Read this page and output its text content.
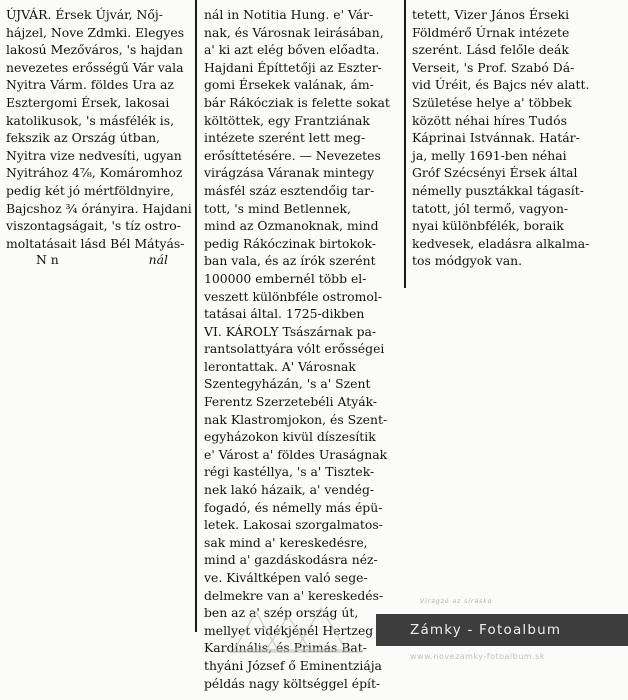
ÚJVÁR. Érsek Újvár, Nőj-
hájzel, Nove Zdmki. Elegyes
lakosú Mezőváros, 's hajdan
nevezetes erősségű Vár vala
Nyitra Várm. földes Ura az
Esztergomi Érsek, lakosai
katolikusok, 's másfélék is,
fekszik az Ország útban,
Nyitra vize nedvesíti, ugyan
Nyitrához 4⅞, Komáromhoz
pedig két jó mértföldnyire,
Bajcshoz ¾ órányira. Hajdani
viszontagságait, 's tíz ostro-
moltatásait lásd Bél Mátyás-
N n	nál
nál in Notitia Hung. e' Vár-
nak, és Városnak leirásában,
a' ki azt elég bőven előadta.
Hajdani Építtetőji az Eszter-
gomi Érsekek valának, ám-
bár Rákócziak is felette sokat
költöttek, egy Frantziának
intézete szerént lett meg-
erősíttetésére. — Nevezetes
virágzása Váranak mintegy
másfél száz esztendőig tar-
tott, 's mind Betlennek,
mind az Ozmanoknak, mind
pedig Rákóczinak birtokok-
ban vala, és az írók szerént
100000 embernél több el-
veszett különbféle ostromol-
tatásai által. 1725-dikben
VI. KÁROLY Tsászárnak pa-
rantsolattyára vólt erősségei
lerontattak. A' Városnak
Szentegyházán, 's a' Szent
Ferentz Szerzetebéli Atyák-
nak Klastromjokon, és Szent-
egyházokon kivül díszesítik
e' Várost a' földes Uraságnak
régi kastéllya, 's a' Tisztek-
nek lakó házaik, a' vendég-
fogadó, és némelly más épü-
letek. Lakosai szorgalmatos-
sak mind a' kereskedésre,
mind a' gazdáskodásra néz-
ve. Kiváltképen való sege-
delmekre van a' kereskedés-
ben az a' szép ország út,
mellyet vidékjénél Hertzeg
Kardinális, és Primás Bat-
thyáni József ő Eminentziája
példás nagy költséggel épít-
tetett, Vizer János Érseki
Földmérő Úrnak intézete
szerént. Lásd felőle deák
Verseit, 's Prof. Szabó Dá-
vid Úréit, és Bajcs név alatt.
Születése helye a' többek
között néhai híres Tudós
Káprinai Istvánnak. Határ-
ja, melly 1691-ben néhai
Gróf Szécsényi Érsek által
némelly pusztákkal tágasít-
tatott, jól termő, vagyon-
nyai különbfélék, boraik
kedvesek, eladásra alkalma-
tos módgyok van.
Virágzó az sírásko
Zámky - Fotoalbum
www.novezamky-fotoalbum.sk
